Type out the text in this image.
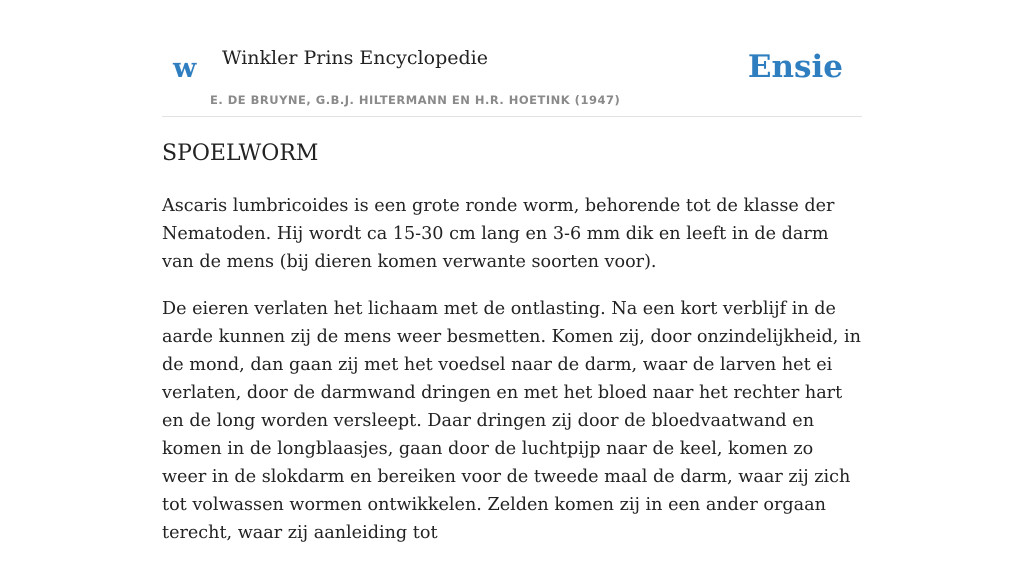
w Winkler Prins Encyclopedie
E. DE BRUYNE, G.B.J. HILTERMANN EN H.R. HOETINK (1947)
Ensie
SPOELWORM

Ascaris lumbricoides is een grote ronde worm, behorende tot de klasse der Nematoden. Hij wordt ca 15-30 cm lang en 3-6 mm dik en leeft in de darm van de mens (bij dieren komen verwante soorten voor).

De eieren verlaten het lichaam met de ontlasting. Na een kort verblijf in de aarde kunnen zij de mens weer besmetten. Komen zij, door onzindelijkheid, in de mond, dan gaan zij met het voedsel naar de darm, waar de larven het ei verlaten, door de darmwand dringen en met het bloed naar het rechter hart en de long worden versleept. Daar dringen zij door de bloedvaatwand en komen in de longblaasjes, gaan door de luchtpijp naar de keel, komen zo weer in de slokdarm en bereiken voor de tweede maal de darm, waar zij zich tot volwassen wormen ontwikkelen. Zelden komen zij in een ander orgaan terecht, waar zij aanleiding tot
